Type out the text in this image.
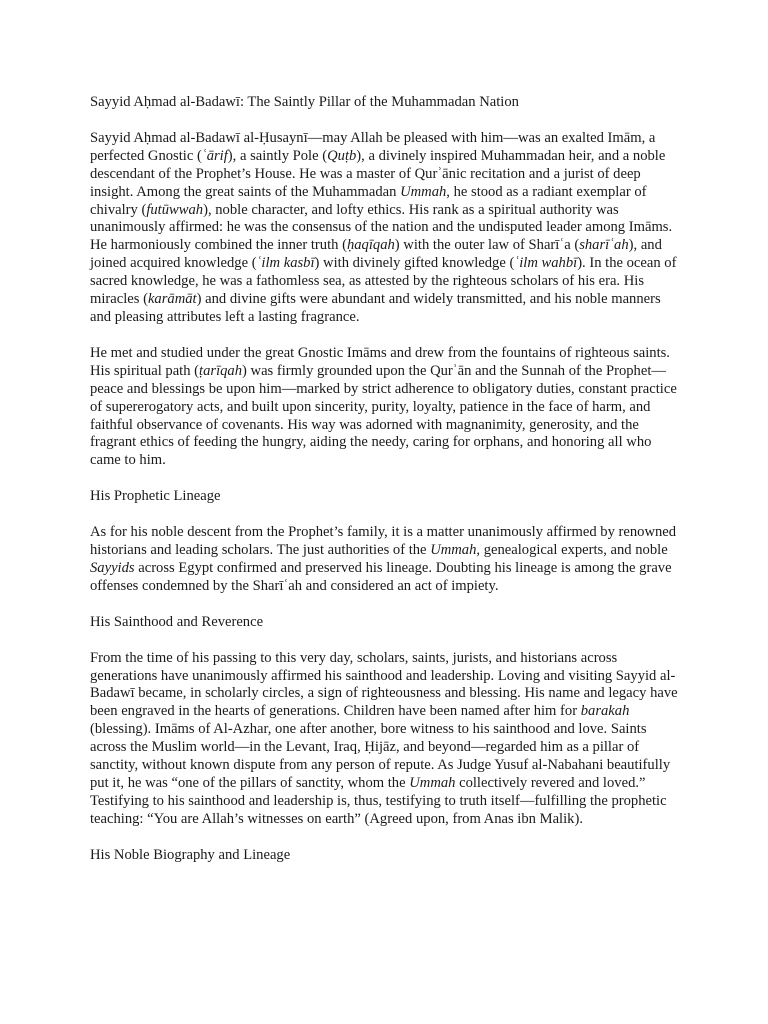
Sayyid Aḥmad al-Badawī: The Saintly Pillar of the Muhammadan Nation

Sayyid Aḥmad al-Badawī al-Ḥusaynī—may Allah be pleased with him—was an exalted Imām, a perfected Gnostic (ʿārif), a saintly Pole (Quṭb), a divinely inspired Muhammadan heir, and a noble descendant of the Prophet’s House. He was a master of Qurʾānic recitation and a jurist of deep insight. Among the great saints of the Muhammadan Ummah, he stood as a radiant exemplar of chivalry (futūwwah), noble character, and lofty ethics. His rank as a spiritual authority was unanimously affirmed: he was the consensus of the nation and the undisputed leader among Imāms. He harmoniously combined the inner truth (ḥaqīqah) with the outer law of Sharīʿa (sharīʿah), and joined acquired knowledge (ʿilm kasbī) with divinely gifted knowledge (ʿilm wahbī). In the ocean of sacred knowledge, he was a fathomless sea, as attested by the righteous scholars of his era. His miracles (karāmāt) and divine gifts were abundant and widely transmitted, and his noble manners and pleasing attributes left a lasting fragrance.

He met and studied under the great Gnostic Imāms and drew from the fountains of righteous saints. His spiritual path (ṭarīqah) was firmly grounded upon the Qurʾān and the Sunnah of the Prophet—peace and blessings be upon him—marked by strict adherence to obligatory duties, constant practice of supererogatory acts, and built upon sincerity, purity, loyalty, patience in the face of harm, and faithful observance of covenants. His way was adorned with magnanimity, generosity, and the fragrant ethics of feeding the hungry, aiding the needy, caring for orphans, and honoring all who came to him.

His Prophetic Lineage

As for his noble descent from the Prophet’s family, it is a matter unanimously affirmed by renowned historians and leading scholars. The just authorities of the Ummah, genealogical experts, and noble Sayyids across Egypt confirmed and preserved his lineage. Doubting his lineage is among the grave offenses condemned by the Sharīʿah and considered an act of impiety.

His Sainthood and Reverence

From the time of his passing to this very day, scholars, saints, jurists, and historians across generations have unanimously affirmed his sainthood and leadership. Loving and visiting Sayyid al-Badawī became, in scholarly circles, a sign of righteousness and blessing. His name and legacy have been engraved in the hearts of generations. Children have been named after him for barakah (blessing). Imāms of Al-Azhar, one after another, bore witness to his sainthood and love. Saints across the Muslim world—in the Levant, Iraq, Ḥijāz, and beyond—regarded him as a pillar of sanctity, without known dispute from any person of repute. As Judge Yusuf al-Nabahani beautifully put it, he was “one of the pillars of sanctity, whom the Ummah collectively revered and loved.” Testifying to his sainthood and leadership is, thus, testifying to truth itself—fulfilling the prophetic teaching: “You are Allah’s witnesses on earth” (Agreed upon, from Anas ibn Malik).

His Noble Biography and Lineage
